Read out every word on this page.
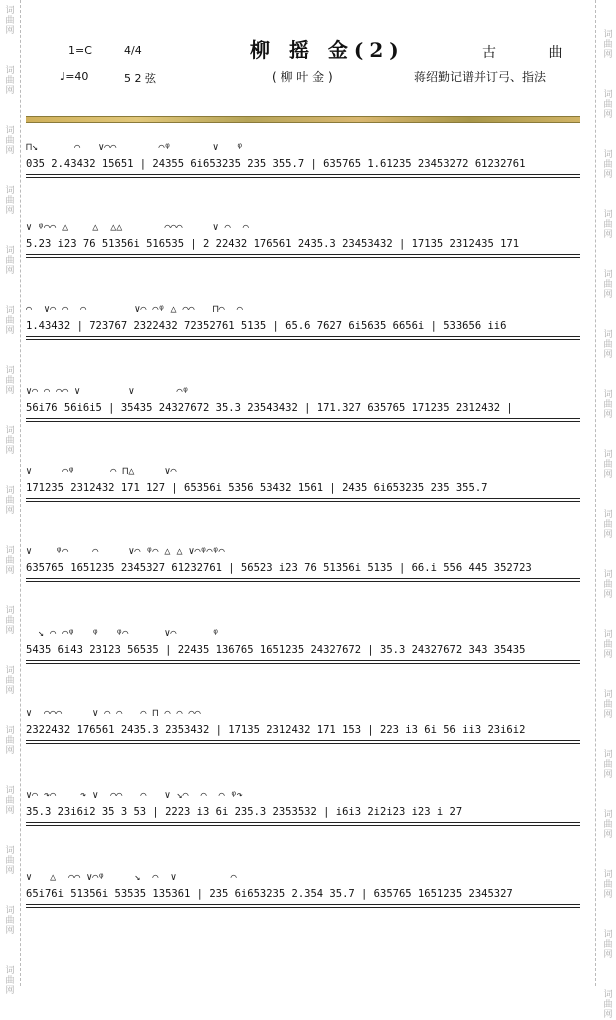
词曲网
词曲网
词曲网
词曲网
词曲网
词曲网
词曲网
词曲网
词曲网
词曲网
词曲网
词曲网
词曲网
词曲网
词曲网
词曲网
词曲网
词曲网
词曲网
词曲网
词曲网
词曲网
词曲网
词曲网
词曲网
词曲网
词曲网
词曲网
词曲网
词曲网
词曲网
词曲网
词曲网
词曲网
1=C	4/4
♩=40	5 2 弦
柳 摇 金(2)	古 曲
( 柳 叶 金 )	蒋绍勤记谱并订弓、指法
⊓↘      ⌒   ∨⌒⌒       ⌒ᵠ       ∨   ᵠ
035 2.43432 15651 | 24355 6i653235 235 355.7 | 635765 1.61235 23453272 61232761
∨ ᵠ⌒⌒ △    △  △△       ⌒⌒⌒     ∨ ⌒  ⌒
5.23 i23 76 51356i 516535 | 2 22432 176561 2435.3 23453432 | 17135 2312435 171
⌒  ∨⌒ ⌒  ⌒        ∨⌒ ⌒ᵠ △ ⌒⌒   ⊓⌒  ⌒
1.43432 | 723767 2322432 72352761 5135 | 65.6 7627 6i5635 6656i | 533656 ii6
∨⌒ ⌒ ⌒⌒ ∨        ∨       ⌒ᵠ
56i76 56i6i5 | 35435 24327672 35.3 23543432 | 171.327 635765 171235 2312432 |
∨     ⌒ᵠ      ⌒ ⊓△     ∨⌒
171235 2312432 171 127 | 65356i 5356 53432 1561 | 2435 6i653235 235 355.7
∨    ᵠ⌒    ⌒     ∨⌒ ᵠ⌒ △ △ ∨⌒ᵠ⌒ᵠ⌒
635765 1651235 2345327 61232761 | 56523 i23 76 51356i 5135 | 66.i 556 445 352723
↘ ⌒ ⌒ᵠ   ᵠ   ᵠ⌒      ∨⌒      ᵠ
5435 6i43 23123 56535 | 22435 136765 1651235 24327672 | 35.3 24327672 343 35435
∨  ⌒⌒⌒     ∨ ⌒ ⌒   ⌒ ⊓ ⌒ ⌒ ⌒⌒
2322432 176561 2435.3 2353432 | 17135 2312432 171 153 | 223 i3 6i 56 ii3 23i6i2
∨⌒ ↷⌒    ↷ ∨  ⌒⌒   ⌒   ∨ ↘⌒  ⌒  ⌒ ᵠ↷
35.3 23i6i2 35 3 53 | 2223 i3 6i 235.3 2353532 | i6i3 2i2i23 i23 i 27
∨   △  ⌒⌒ ∨⌒ᵠ     ↘  ⌒  ∨         ⌒
65i76i 51356i 53535 135361 | 235 6i653235 2.354 35.7 | 635765 1651235 2345327
